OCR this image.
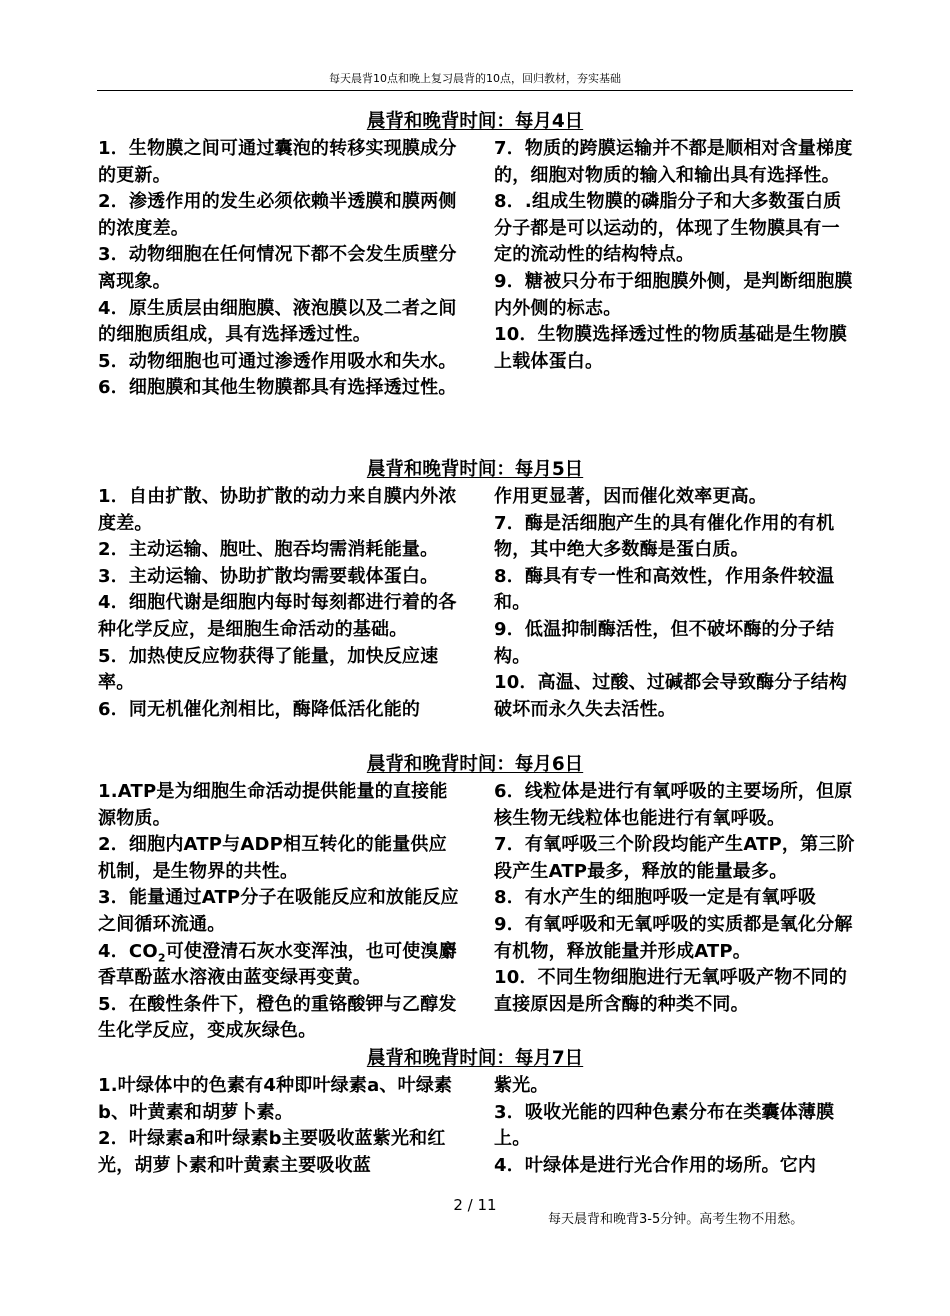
每天晨背10点和晚上复习晨背的10点，回归教材，夯实基础
晨背和晚背时间：每月4日

1．生物膜之间可通过囊泡的转移实现膜成分的更新。

2．渗透作用的发生必须依赖半透膜和膜两侧的浓度差。

3．动物细胞在任何情况下都不会发生质壁分离现象。

4．原生质层由细胞膜、液泡膜以及二者之间的细胞质组成，具有选择透过性。

5．动物细胞也可通过渗透作用吸水和失水。

6．细胞膜和其他生物膜都具有选择透过性。

7．物质的跨膜运输并不都是顺相对含量梯度的，细胞对物质的输入和输出具有选择性。

8．.组成生物膜的磷脂分子和大多数蛋白质分子都是可以运动的，体现了生物膜具有一定的流动性的结构特点。

9．糖被只分布于细胞膜外侧，是判断细胞膜内外侧的标志。

10．生物膜选择透过性的物质基础是生物膜上载体蛋白。

晨背和晚背时间：每月5日

1．自由扩散、协助扩散的动力来自膜内外浓度差。

2．主动运输、胞吐、胞吞均需消耗能量。

3．主动运输、协助扩散均需要载体蛋白。

4．细胞代谢是细胞内每时每刻都进行着的各种化学反应，是细胞生命活动的基础。

5．加热使反应物获得了能量，加快反应速率。

6．同无机催化剂相比，酶降低活化能的

作用更显著，因而催化效率更高。

7．酶是活细胞产生的具有催化作用的有机物，其中绝大多数酶是蛋白质。

8．酶具有专一性和高效性，作用条件较温和。

9．低温抑制酶活性，但不破坏酶的分子结构。

10．高温、过酸、过碱都会导致酶分子结构破坏而永久失去活性。

晨背和晚背时间：每月6日

1.ATP是为细胞生命活动提供能量的直接能源物质。

2．细胞内ATP与ADP相互转化的能量供应机制，是生物界的共性。

3．能量通过ATP分子在吸能反应和放能反应之间循环流通。

4．$CO_2$可使澄清石灰水变浑浊，也可使溴麝香草酚蓝水溶液由蓝变绿再变黄。

5．在酸性条件下，橙色的重铬酸钾与乙醇发生化学反应，变成灰绿色。

6．线粒体是进行有氧呼吸的主要场所，但原核生物无线粒体也能进行有氧呼吸。

7．有氧呼吸三个阶段均能产生ATP，第三阶段产生ATP最多，释放的能量最多。

8．有水产生的细胞呼吸一定是有氧呼吸

9．有氧呼吸和无氧呼吸的实质都是氧化分解有机物，释放能量并形成ATP。

10．不同生物细胞进行无氧呼吸产物不同的直接原因是所含酶的种类不同。

晨背和晚背时间：每月7日

1.叶绿体中的色素有4种即叶绿素a、叶绿素b、叶黄素和胡萝卜素。

2．叶绿素a和叶绿素b主要吸收蓝紫光和红光，胡萝卜素和叶黄素主要吸收蓝

紫光。

3．吸收光能的四种色素分布在类囊体薄膜上。

4．叶绿体是进行光合作用的场所。它内

2 / 11
每天晨背和晚背3-5分钟。高考生物不用愁。
